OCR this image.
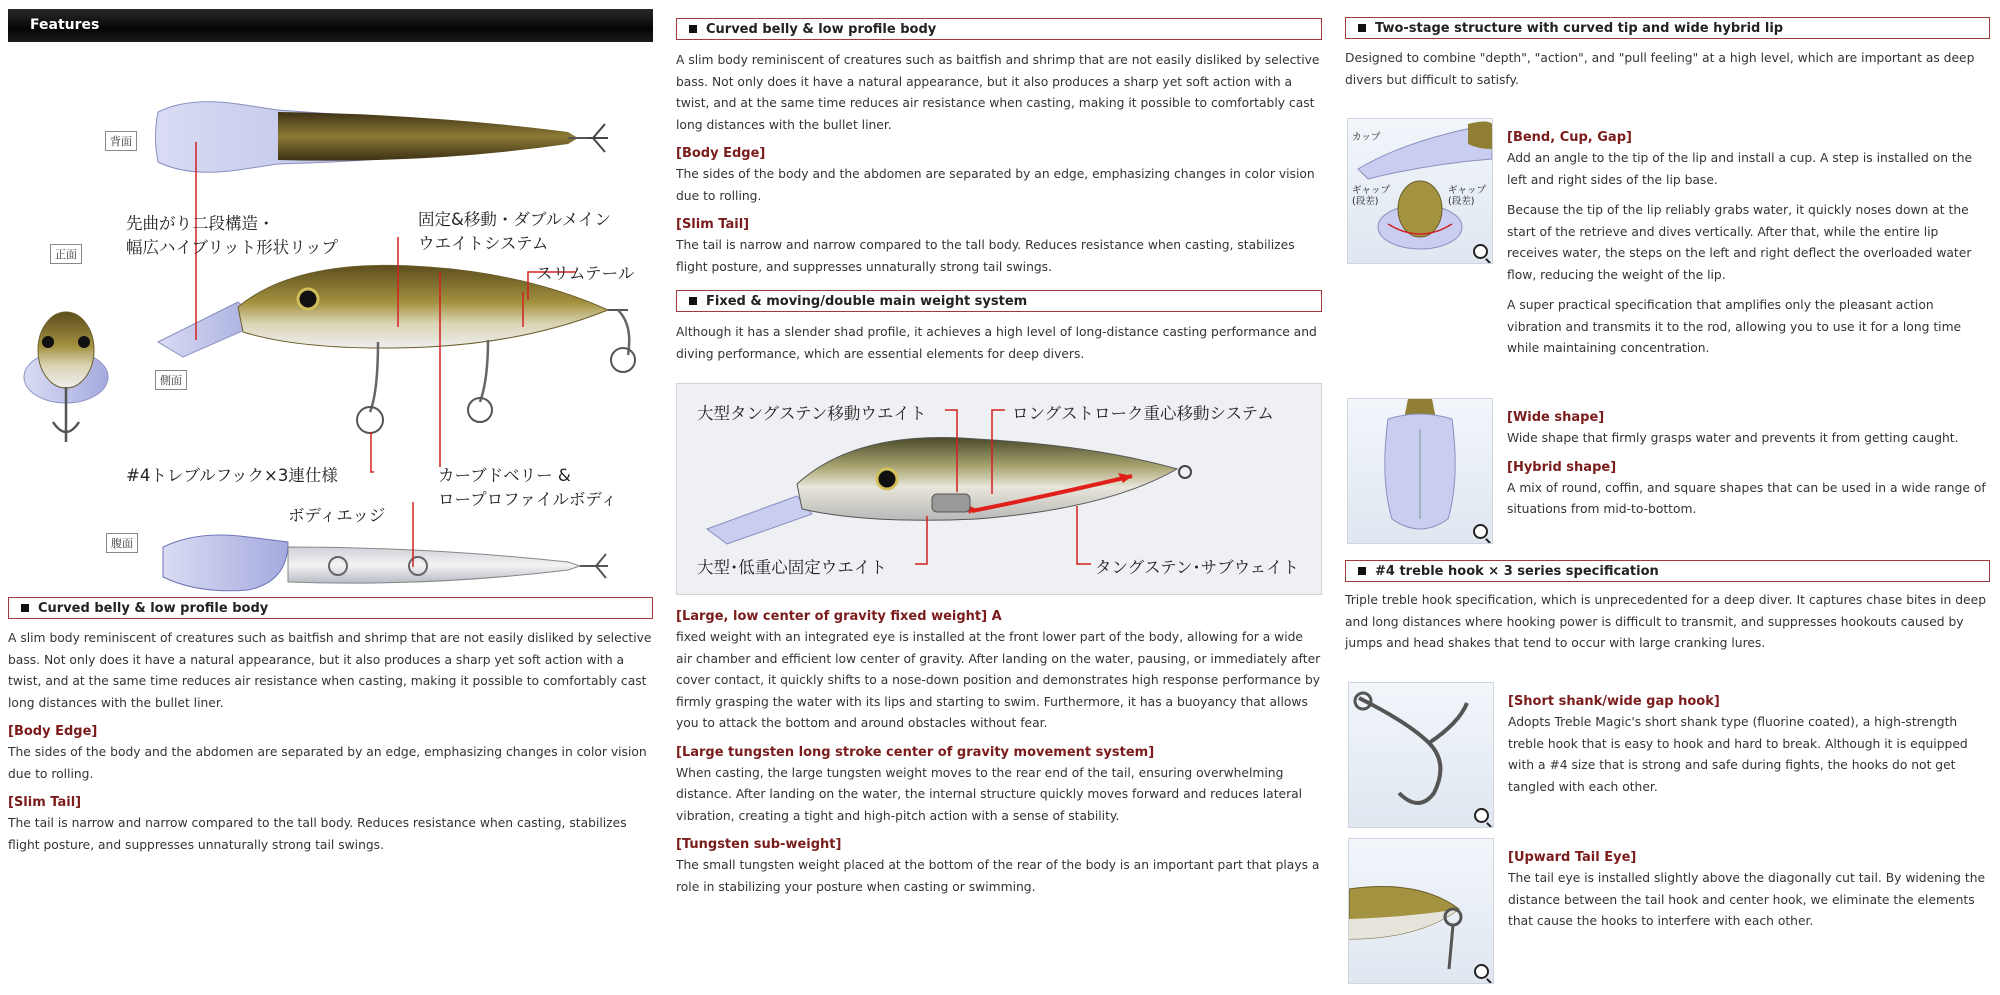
Features
背面
正面
側面
腹面
先曲がり二段構造・
幅広ハイブリット形状リップ
固定&移動・ダブルメイン
ウエイトシステム
スリムテール
#4トレブルフック×3連仕様	カーブドベリー &
ロープロファイルボディ
ボディエッジ
Curved belly & low profile body

A slim body reminiscent of creatures such as baitfish and shrimp that are not easily disliked by selective bass. Not only does it have a natural appearance, but it also produces a sharp yet soft action with a twist, and at the same time reduces air resistance when casting, making it possible to comfortably cast long distances with the bullet liner.

[Body Edge]

The sides of the body and the abdomen are separated by an edge, emphasizing changes in color vision due to rolling.

[Slim Tail]

The tail is narrow and narrow compared to the tall body. Reduces resistance when casting, stabilizes flight posture, and suppresses unnaturally strong tail swings.

Curved belly & low profile body

A slim body reminiscent of creatures such as baitfish and shrimp that are not easily disliked by selective bass. Not only does it have a natural appearance, but it also produces a sharp yet soft action with a twist, and at the same time reduces air resistance when casting, making it possible to comfortably cast long distances with the bullet liner.

[Body Edge]

The sides of the body and the abdomen are separated by an edge, emphasizing changes in color vision due to rolling.

[Slim Tail]

The tail is narrow and narrow compared to the tall body. Reduces resistance when casting, stabilizes flight posture, and suppresses unnaturally strong tail swings.

Fixed & moving/double main weight system

Although it has a slender shad profile, it achieves a high level of long-distance casting performance and diving performance, which are essential elements for deep divers.

大型タングステン移動ウエイト	ロングストローク重心移動システム
大型･低重心固定ウエイト	タングステン･サブウェイト
[Large, low center of gravity fixed weight] A

fixed weight with an integrated eye is installed at the front lower part of the body, allowing for a wide air chamber and efficient low center of gravity. After landing on the water, pausing, or immediately after cover contact, it quickly shifts to a nose-down position and demonstrates high response performance by firmly grasping the water with its lips and starting to swim. Furthermore, it has a buoyancy that allows you to attack the bottom and around obstacles without fear.

[Large tungsten long stroke center of gravity movement system]

When casting, the large tungsten weight moves to the rear end of the tail, ensuring overwhelming distance. After landing on the water, the internal structure quickly moves forward and reduces lateral vibration, creating a tight and high-pitch action with a sense of stability.

[Tungsten sub-weight]

The small tungsten weight placed at the bottom of the rear of the body is an important part that plays a role in stabilizing your posture when casting or swimming.

Two-stage structure with curved tip and wide hybrid lip

Designed to combine "depth", "action", and "pull feeling" at a high level, which are important as deep divers but difficult to satisfy.

カップ
ギャップ
(段差)
ギャップ
(段差)
[Bend, Cup, Gap]

Add an angle to the tip of the lip and install a cup. A step is installed on the left and right sides of the lip base.

Because the tip of the lip reliably grabs water, it quickly noses down at the start of the retrieve and dives vertically. After that, while the entire lip receives water, the steps on the left and right deflect the overloaded water flow, reducing the weight of the lip.

A super practical specification that amplifies only the pleasant action vibration and transmits it to the rod, allowing you to use it for a long time while maintaining concentration.

[Wide shape]

Wide shape that firmly grasps water and prevents it from getting caught.

[Hybrid shape]

A mix of round, coffin, and square shapes that can be used in a wide range of situations from mid-to-bottom.

#4 treble hook × 3 series specification

Triple treble hook specification, which is unprecedented for a deep diver. It captures chase bites in deep and long distances where hooking power is difficult to transmit, and suppresses hookouts caused by jumps and head shakes that tend to occur with large cranking lures.

[Short shank/wide gap hook]

Adopts Treble Magic's short shank type (fluorine coated), a high-strength treble hook that is easy to hook and hard to break. Although it is equipped with a #4 size that is strong and safe during fights, the hooks do not get tangled with each other.

[Upward Tail Eye]

The tail eye is installed slightly above the diagonally cut tail. By widening the distance between the tail hook and center hook, we eliminate the elements that cause the hooks to interfere with each other.
